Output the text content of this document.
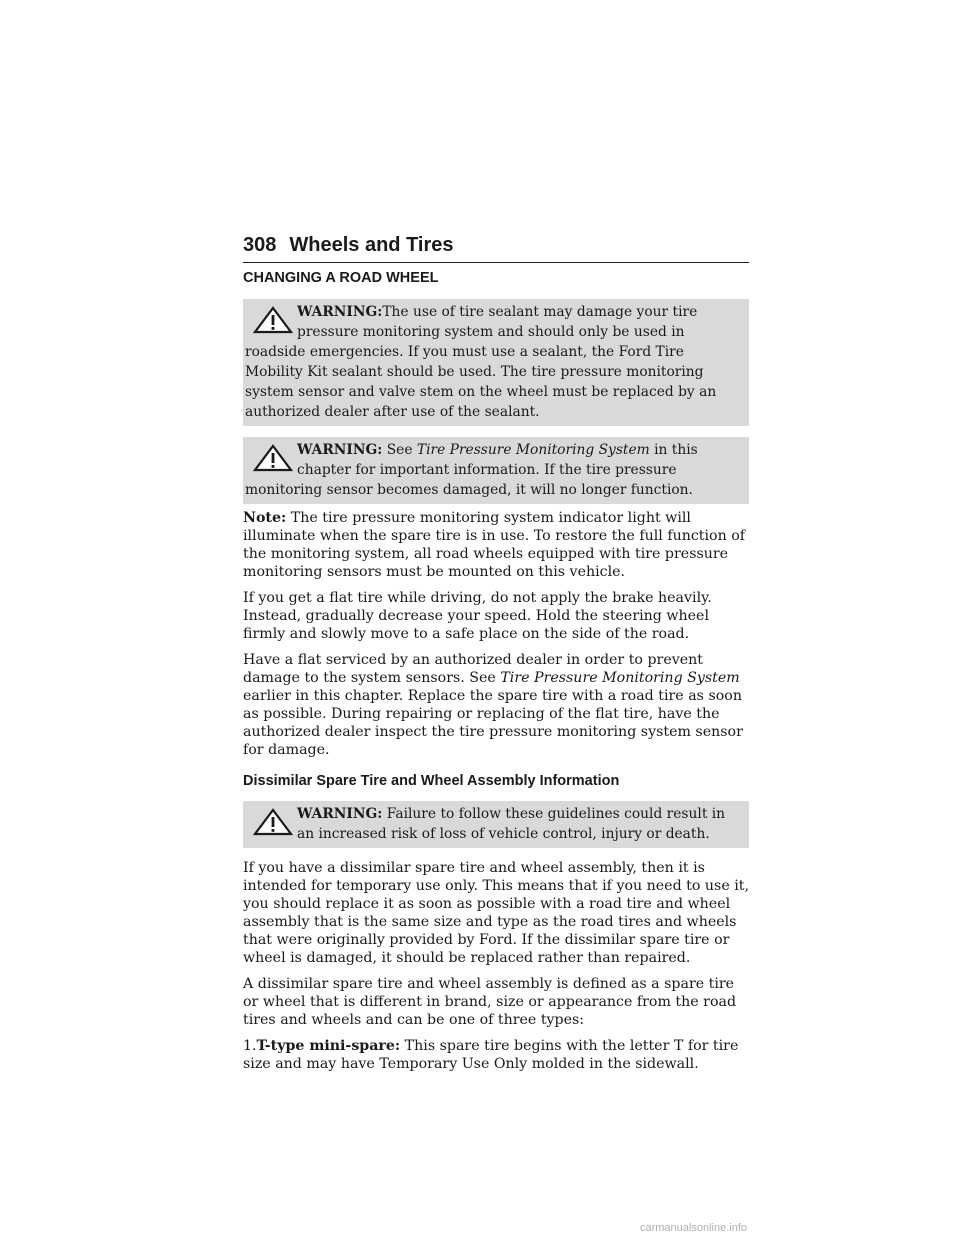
308 Wheels and Tires
CHANGING A ROAD WHEEL

WARNING:The use of tire sealant may damage your tire pressure monitoring system and should only be used in roadside emergencies. If you must use a sealant, the Ford Tire Mobility Kit sealant should be used. The tire pressure monitoring system sensor and valve stem on the wheel must be replaced by an authorized dealer after use of the sealant.

WARNING: See Tire Pressure Monitoring System in this chapter for important information. If the tire pressure monitoring sensor becomes damaged, it will no longer function.

Note: The tire pressure monitoring system indicator light will illuminate when the spare tire is in use. To restore the full function of the monitoring system, all road wheels equipped with tire pressure monitoring sensors must be mounted on this vehicle.

If you get a flat tire while driving, do not apply the brake heavily. Instead, gradually decrease your speed. Hold the steering wheel firmly and slowly move to a safe place on the side of the road.

Have a flat serviced by an authorized dealer in order to prevent damage to the system sensors. See Tire Pressure Monitoring System earlier in this chapter. Replace the spare tire with a road tire as soon as possible. During repairing or replacing of the flat tire, have the authorized dealer inspect the tire pressure monitoring system sensor for damage.

Dissimilar Spare Tire and Wheel Assembly Information

WARNING: Failure to follow these guidelines could result in an increased risk of loss of vehicle control, injury or death.

If you have a dissimilar spare tire and wheel assembly, then it is intended for temporary use only. This means that if you need to use it, you should replace it as soon as possible with a road tire and wheel assembly that is the same size and type as the road tires and wheels that were originally provided by Ford. If the dissimilar spare tire or wheel is damaged, it should be replaced rather than repaired.

A dissimilar spare tire and wheel assembly is defined as a spare tire or wheel that is different in brand, size or appearance from the road tires and wheels and can be one of three types:

1.T-type mini-spare: This spare tire begins with the letter T for tire size and may have Temporary Use Only molded in the sidewall.

carmanualsonline.info
